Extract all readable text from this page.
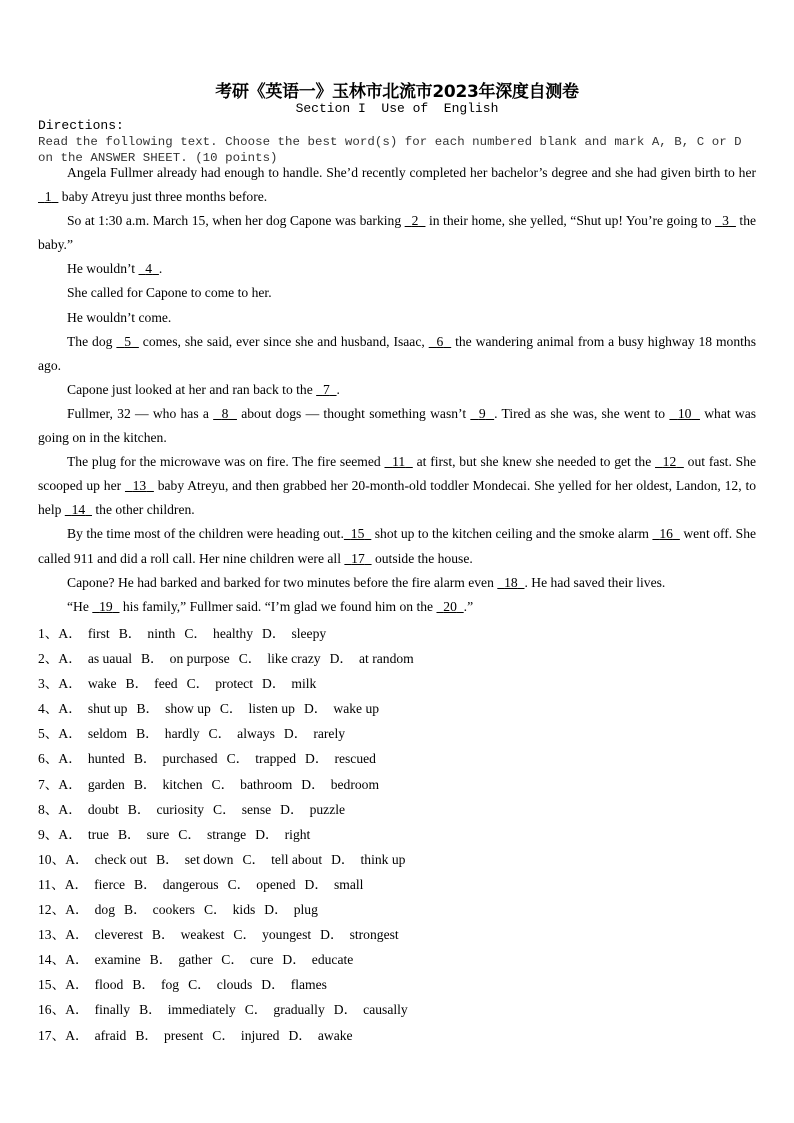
考研《英语一》玉林市北流市2023年深度自测卷
Section I  Use of  English
Directions:
Read the following text. Choose the best word(s) for each numbered blank and mark A, B, C or D on the ANSWER SHEET. (10 points)

Angela Fullmer already had enough to handle. She’d recently completed her bachelor’s degree and she had given birth to her   1   baby Atreyu just three months before.

So at 1:30 a.m. March 15, when her dog Capone was barking   2   in their home, she yelled, “Shut up! You’re going to   3   the baby.”

He wouldn’t   4 .

She called for Capone to come to her.

He wouldn’t come.

The dog   5   comes, she said, ever since she and husband, Isaac,   6   the wandering animal from a busy highway 18 months ago.

Capone just looked at her and ran back to the   7 .

Fullmer, 32 — who has a   8   about dogs — thought something wasn’t   9 . Tired as she was, she went to   10   what was going on in the kitchen.

The plug for the microwave was on fire. The fire seemed   11   at first, but she knew she needed to get the   12   out fast. She scooped up her   13   baby Atreyu, and then grabbed her 20-month-old toddler Mondecai. She yelled for her oldest, Landon, 12, to help   14   the other children.

By the time most of the children were heading out. 15   shot up to the kitchen ceiling and the smoke alarm   16   went off. She called 911 and did a roll call. Her nine children were all   17   outside the house.

Capone? He had barked and barked for two minutes before the fire alarm even   18 . He had saved their lives.

“He   19   his family,” Fullmer said. “I’m glad we found him on the   20 .”

1、A． first B． ninth C． healthy D． sleepy
2、A． as uaual B． on purpose C． like crazy D． at random
3、A． wake B． feed C． protect D． milk
4、A． shut up B． show up C． listen up D． wake up
5、A． seldom B． hardly C． always D． rarely
6、A． hunted B． purchased C． trapped D． rescued
7、A． garden B． kitchen C． bathroom D． bedroom
8、A． doubt B． curiosity C． sense D． puzzle
9、A． true B． sure C． strange D． right
10、A． check out B． set down C． tell about D． think up
11、A． fierce B． dangerous C． opened D． small
12、A． dog B． cookers C． kids D． plug
13、A． cleverest B． weakest C． youngest D． strongest
14、A． examine B． gather C． cure D． educate
15、A． flood B． fog C． clouds D． flames
16、A． finally B． immediately C． gradually D． causally
17、A． afraid B． present C． injured D． awake
